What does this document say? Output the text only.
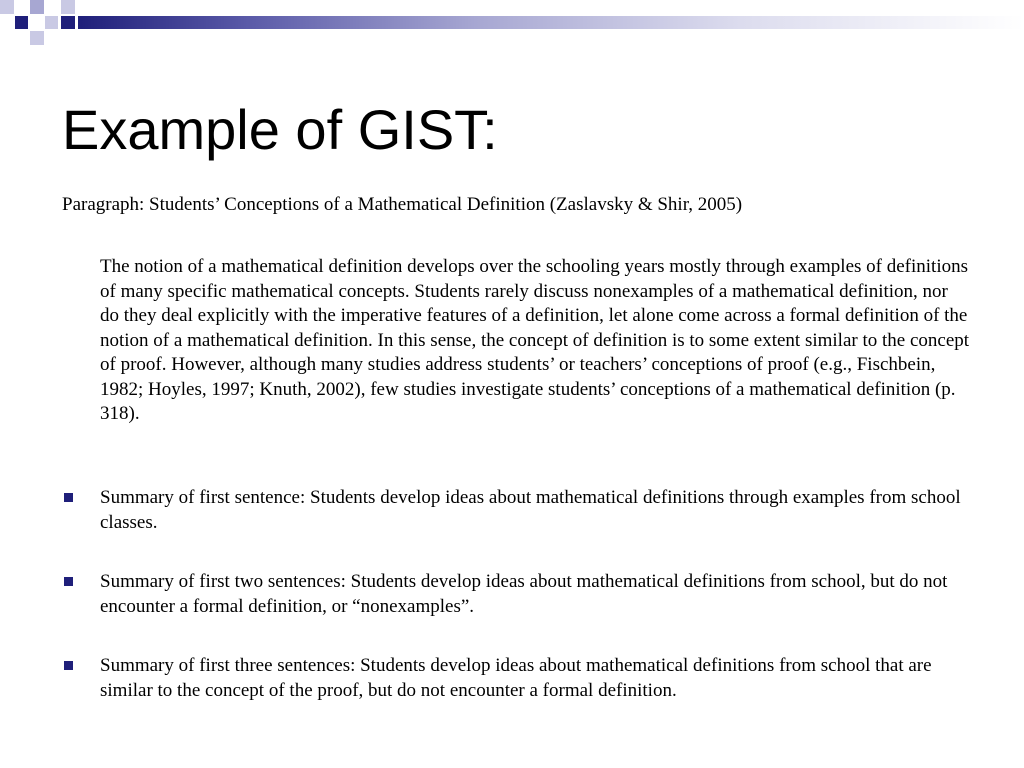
Example of GIST:
Paragraph: Students’ Conceptions of a Mathematical Definition (Zaslavsky & Shir, 2005)

The notion of a mathematical definition develops over the schooling years mostly through examples of definitions of many specific mathematical concepts. Students rarely discuss nonexamples of a mathematical definition, nor do they deal explicitly with the imperative features of a definition, let alone come across a formal definition of the notion of a mathematical definition. In this sense, the concept of definition is to some extent similar to the concept of proof. However, although many studies address students’ or teachers’ conceptions of proof (e.g., Fischbein, 1982; Hoyles, 1997; Knuth, 2002), few studies investigate students’ conceptions of a mathematical definition (p. 318).

Summary of first sentence: Students develop ideas about mathematical definitions through examples from school classes.
Summary of first two sentences: Students develop ideas about mathematical definitions from school, but do not encounter a formal definition, or “nonexamples”.
Summary of first three sentences: Students develop ideas about mathematical definitions from school that are similar to the concept of the proof, but do not encounter a formal definition.
